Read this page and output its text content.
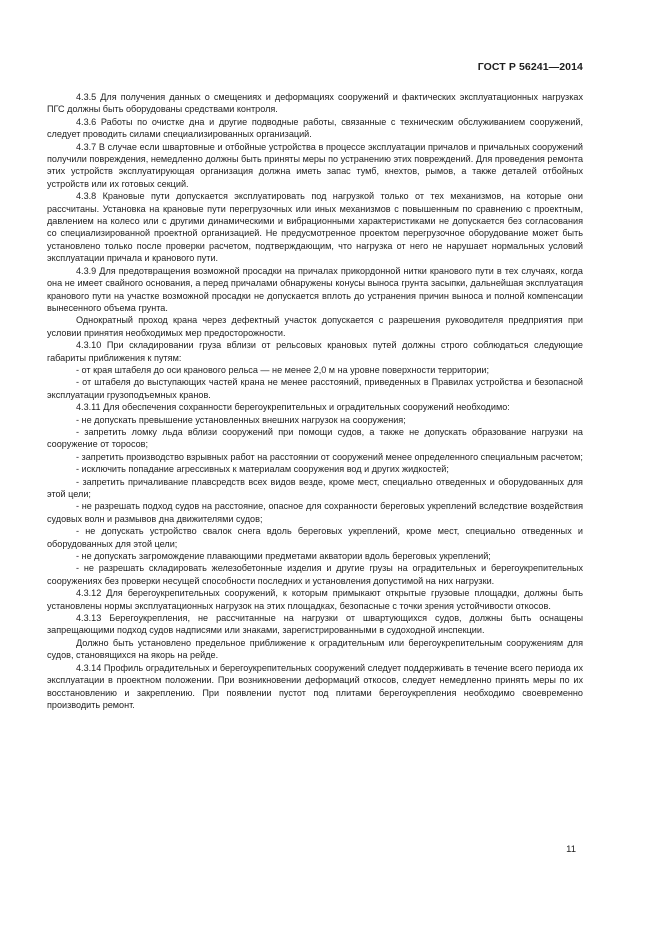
ГОСТ Р 56241—2014

4.3.5 Для получения данных о смещениях и деформациях сооружений и фактических эксплуатационных нагрузках ПГС должны быть оборудованы средствами контроля.

4.3.6 Работы по очистке дна и другие подводные работы, связанные с техническим обслуживанием сооружений, следует проводить силами специализированных организаций.

4.3.7 В случае если швартовные и отбойные устройства в процессе эксплуатации причалов и причальных сооружений получили повреждения, немедленно должны быть приняты меры по устранению этих повреждений. Для проведения ремонта этих устройств эксплуатирующая организация должна иметь запас тумб, кнехтов, рымов, а также деталей отбойных устройств или их готовых секций.

4.3.8 Крановые пути допускается эксплуатировать под нагрузкой только от тех механизмов, на которые они рассчитаны. Установка на крановые пути перегрузочных или иных механизмов с повышенным по сравнению с проектным, давлением на колесо или с другими динамическими и вибрационными характеристиками не допускается без согласования со специализированной проектной организацией. Не предусмотренное проектом перегрузочное оборудование может быть установлено только после проверки расчетом, подтверждающим, что нагрузка от него не нарушает нормальных условий эксплуатации причала и кранового пути.

4.3.9 Для предотвращения возможной просадки на причалах прикордонной нитки кранового пути в тех случаях, когда она не имеет свайного основания, а перед причалами обнаружены конусы выноса грунта засыпки, дальнейшая эксплуатация кранового пути на участке возможной просадки не допускается вплоть до устранения причин выноса и полной компенсации вынесенного объема грунта.

Однократный проход крана через дефектный участок допускается с разрешения руководителя предприятия при условии принятия необходимых мер предосторожности.

4.3.10 При складировании груза вблизи от рельсовых крановых путей должны строго соблюдаться следующие габариты приближения к путям:

- от края штабеля до оси кранового рельса — не менее 2,0 м на уровне поверхности территории;

- от штабеля до выступающих частей крана не менее расстояний, приведенных в Правилах устройства и безопасной эксплуатации грузоподъемных кранов.

4.3.11 Для обеспечения сохранности берегоукрепительных и оградительных сооружений необходимо:

- не допускать превышение установленных внешних нагрузок на сооружения;

- запретить ломку льда вблизи сооружений при помощи судов, а также не допускать образование нагрузки на сооружение от торосов;

- запретить производство взрывных работ на расстоянии от сооружений менее определенного специальным расчетом;

- исключить попадание агрессивных к материалам сооружения вод и других жидкостей;

- запретить причаливание плавсредств всех видов везде, кроме мест, специально отведенных и оборудованных для этой цели;

- не разрешать подход судов на расстояние, опасное для сохранности береговых укреплений вследствие воздействия судовых волн и размывов дна движителями судов;

- не допускать устройство свалок снега вдоль береговых укреплений, кроме мест, специально отведенных и оборудованных для этой цели;

- не допускать загромождение плавающими предметами акватории вдоль береговых укреплений;

- не разрешать складировать железобетонные изделия и другие грузы на оградительных и берегоукрепительных сооружениях без проверки несущей способности последних и установления допустимой на них нагрузки.

4.3.12 Для берегоукрепительных сооружений, к которым примыкают открытые грузовые площадки, должны быть установлены нормы эксплуатационных нагрузок на этих площадках, безопасные с точки зрения устойчивости откосов.

4.3.13 Берегоукрепления, не рассчитанные на нагрузки от швартующихся судов, должны быть оснащены запрещающими подход судов надписями или знаками, зарегистрированными в судоходной инспекции.

Должно быть установлено предельное приближение к оградительным или берегоукрепительным сооружениям для судов, становящихся на якорь на рейде.

4.3.14 Профиль оградительных и берегоукрепительных сооружений следует поддерживать в течение всего периода их эксплуатации в проектном положении. При возникновении деформаций откосов, следует немедленно принять меры по их восстановлению и закреплению. При появлении пустот под плитами берегоукрепления необходимо своевременно производить ремонт.

11
